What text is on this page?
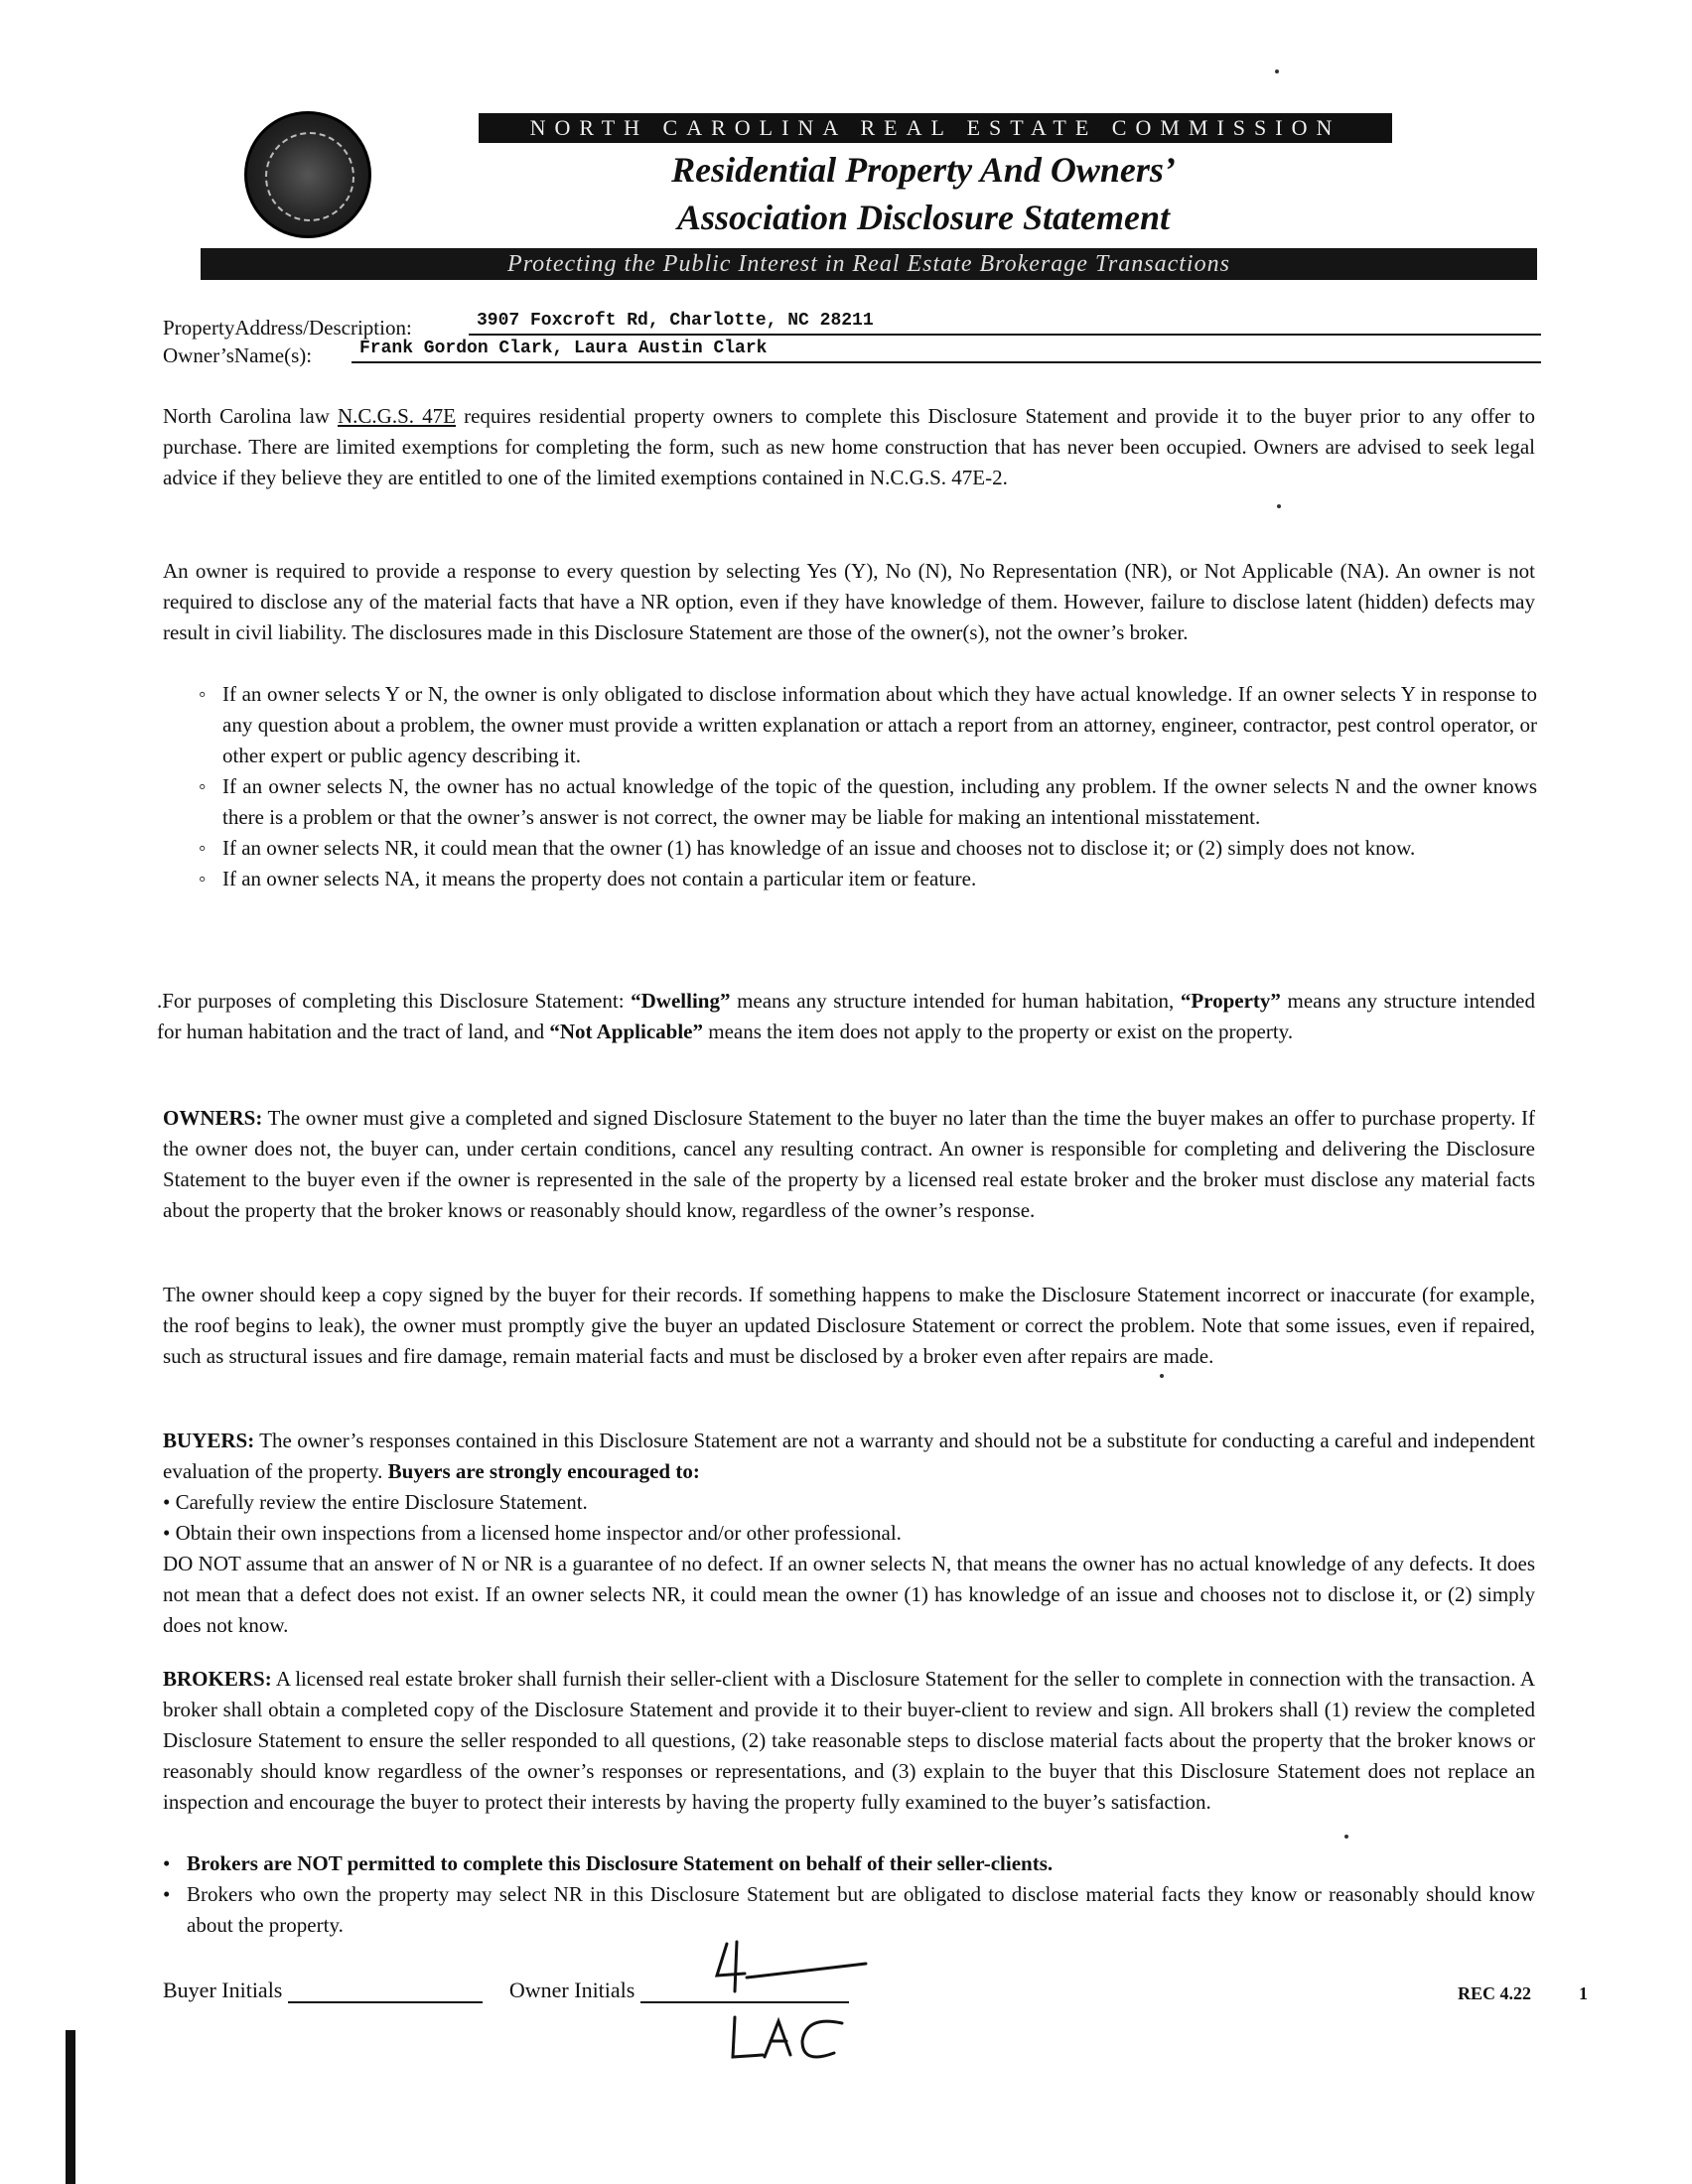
NORTH CAROLINA REAL ESTATE COMMISSION
Residential Property And Owners’
Association Disclosure Statement
Protecting the Public Interest in Real Estate Brokerage Transactions
PropertyAddress/Description:	3907 Foxcroft Rd, Charlotte, NC 28211
Owner’sName(s):	Frank Gordon Clark, Laura Austin Clark
North Carolina law N.C.G.S. 47E requires residential property owners to complete this Disclosure Statement and provide it to the buyer prior to any offer to purchase. There are limited exemptions for completing the form, such as new home construction that has never been occupied. Owners are advised to seek legal advice if they believe they are entitled to one of the limited exemptions contained in N.C.G.S. 47E-2.
An owner is required to provide a response to every question by selecting Yes (Y), No (N), No Representation (NR), or Not Applicable (NA). An owner is not required to disclose any of the material facts that have a NR option, even if they have knowledge of them. However, failure to disclose latent (hidden) defects may result in civil liability. The disclosures made in this Disclosure Statement are those of the owner(s), not the owner’s broker.
◦ If an owner selects Y or N, the owner is only obligated to disclose information about which they have actual knowledge. If an owner selects Y in response to any question about a problem, the owner must provide a written explanation or attach a report from an attorney, engineer, contractor, pest control operator, or other expert or public agency describing it.
◦ If an owner selects N, the owner has no actual knowledge of the topic of the question, including any problem. If the owner selects N and the owner knows there is a problem or that the owner’s answer is not correct, the owner may be liable for making an intentional misstatement.
◦ If an owner selects NR, it could mean that the owner (1) has knowledge of an issue and chooses not to disclose it; or (2) simply does not know.
◦ If an owner selects NA, it means the property does not contain a particular item or feature.
.For purposes of completing this Disclosure Statement: “Dwelling” means any structure intended for human habitation, “Property” means any structure intended for human habitation and the tract of land, and “Not Applicable” means the item does not apply to the property or exist on the property.
OWNERS: The owner must give a completed and signed Disclosure Statement to the buyer no later than the time the buyer makes an offer to purchase property. If the owner does not, the buyer can, under certain conditions, cancel any resulting contract. An owner is responsible for completing and delivering the Disclosure Statement to the buyer even if the owner is represented in the sale of the property by a licensed real estate broker and the broker must disclose any material facts about the property that the broker knows or reasonably should know, regardless of the owner’s response.
The owner should keep a copy signed by the buyer for their records. If something happens to make the Disclosure Statement incorrect or inaccurate (for example, the roof begins to leak), the owner must promptly give the buyer an updated Disclosure Statement or correct the problem. Note that some issues, even if repaired, such as structural issues and fire damage, remain material facts and must be disclosed by a broker even after repairs are made.
BUYERS: The owner’s responses contained in this Disclosure Statement are not a warranty and should not be a substitute for conducting a careful and independent evaluation of the property. Buyers are strongly encouraged to:
• Carefully review the entire Disclosure Statement.
• Obtain their own inspections from a licensed home inspector and/or other professional.
DO NOT assume that an answer of N or NR is a guarantee of no defect. If an owner selects N, that means the owner has no actual knowledge of any defects. It does not mean that a defect does not exist. If an owner selects NR, it could mean the owner (1) has knowledge of an issue and chooses not to disclose it, or (2) simply does not know.
BROKERS: A licensed real estate broker shall furnish their seller-client with a Disclosure Statement for the seller to complete in connection with the transaction. A broker shall obtain a completed copy of the Disclosure Statement and provide it to their buyer-client to review and sign. All brokers shall (1) review the completed Disclosure Statement to ensure the seller responded to all questions, (2) take reasonable steps to disclose material facts about the property that the broker knows or reasonably should know regardless of the owner’s responses or representations, and (3) explain to the buyer that this Disclosure Statement does not replace an inspection and encourage the buyer to protect their interests by having the property fully examined to the buyer’s satisfaction.
• Brokers are NOT permitted to complete this Disclosure Statement on behalf of their seller-clients.
• Brokers who own the property may select NR in this Disclosure Statement but are obligated to disclose material facts they know or reasonably should know about the property.
Buyer Initials	Owner Initials	REC 4.22	1
